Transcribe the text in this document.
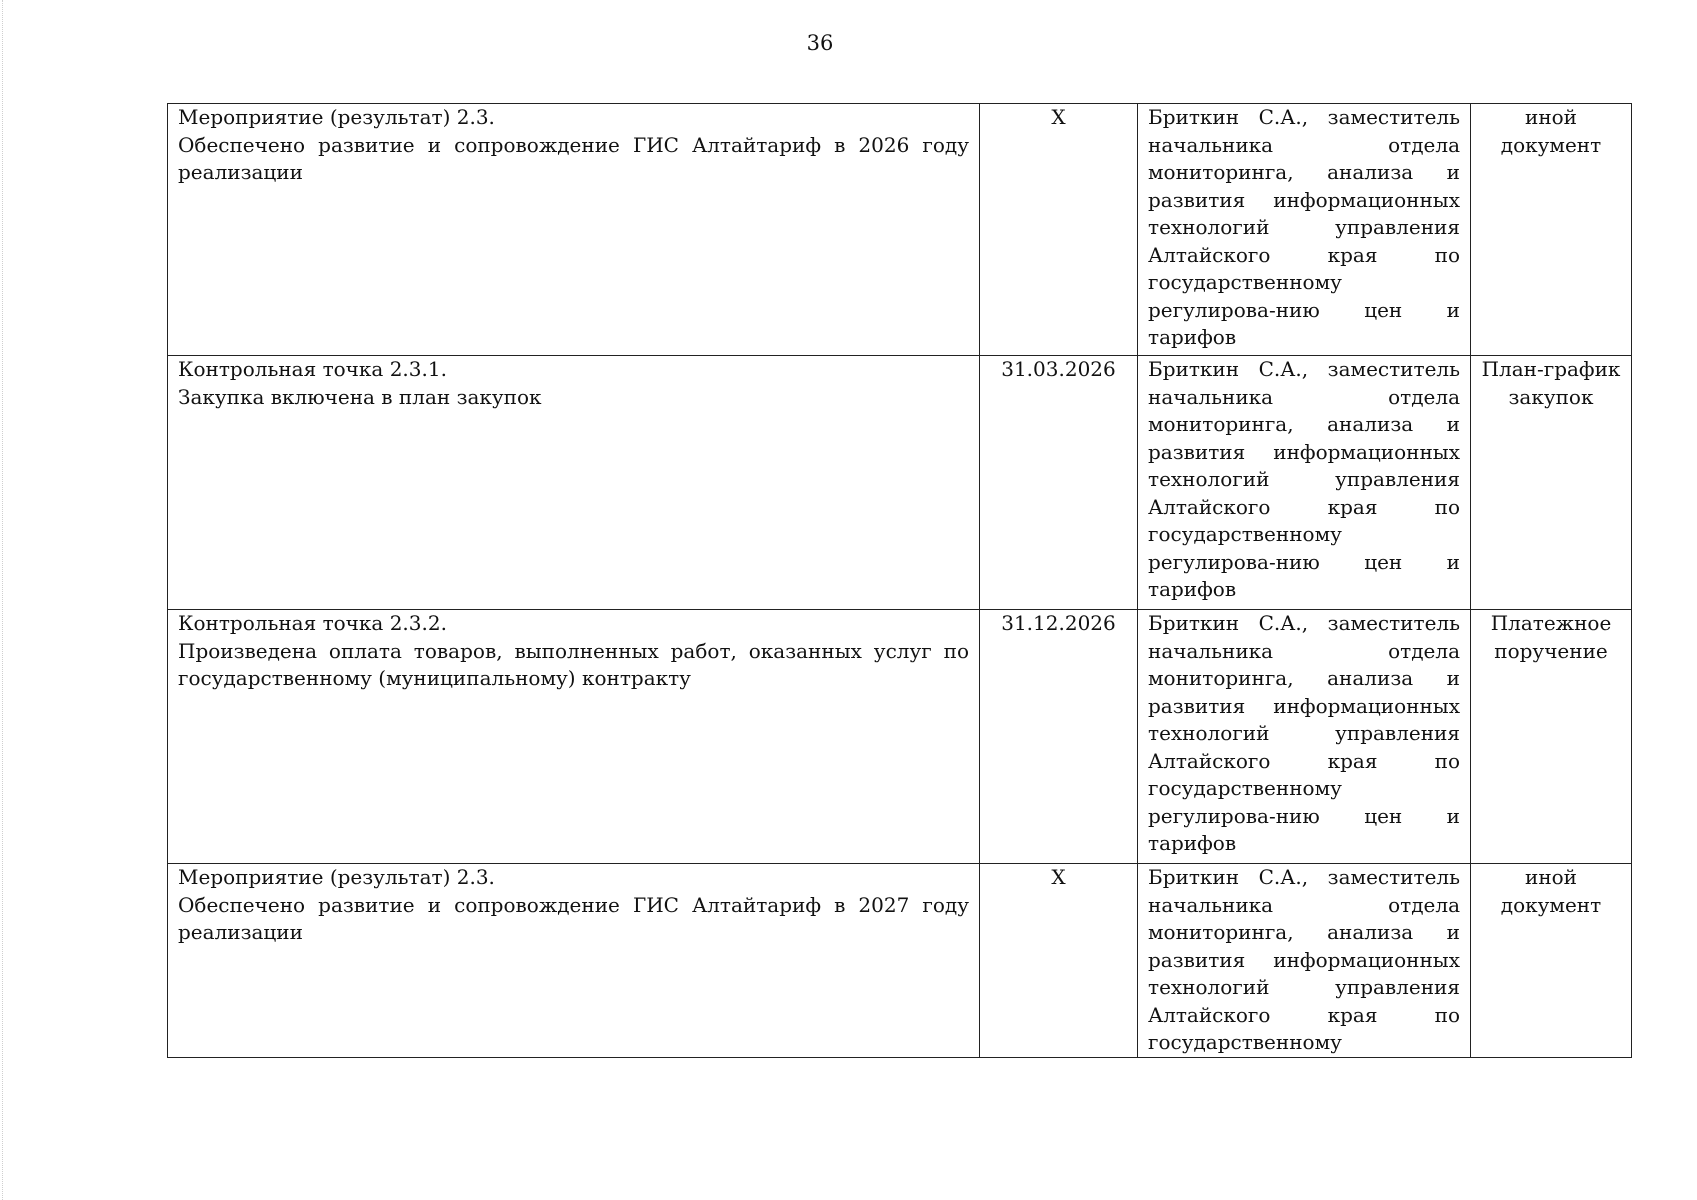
36
Мероприятие (результат) 2.3.
Обеспечено развитие и сопровождение ГИС Алтайтариф в 2026 году реализации	X	Бриткин С.А., заместитель начальника отдела мониторинга, анализа и развития информационных технологий управления Алтайского края по государственному регулирова-нию цен и тарифов	иной документ

Контрольная точка 2.3.1.
Закупка включена в план закупок	31.03.2026	Бриткин С.А., заместитель начальника отдела мониторинга, анализа и развития информационных технологий управления Алтайского края по государственному регулирова-нию цен и тарифов	План-график закупок

Контрольная точка 2.3.2.
Произведена оплата товаров, выполненных работ, оказанных услуг по государственному (муниципальному) контракту	31.12.2026	Бриткин С.А., заместитель начальника отдела мониторинга, анализа и развития информационных технологий управления Алтайского края по государственному регулирова-нию цен и тарифов	Платежное поручение

Мероприятие (результат) 2.3.
Обеспечено развитие и сопровождение ГИС Алтайтариф в 2027 году реализации	X	Бриткин С.А., заместитель начальника отдела мониторинга, анализа и развития информационных технологий управления Алтайского края по государственному	иной документ
